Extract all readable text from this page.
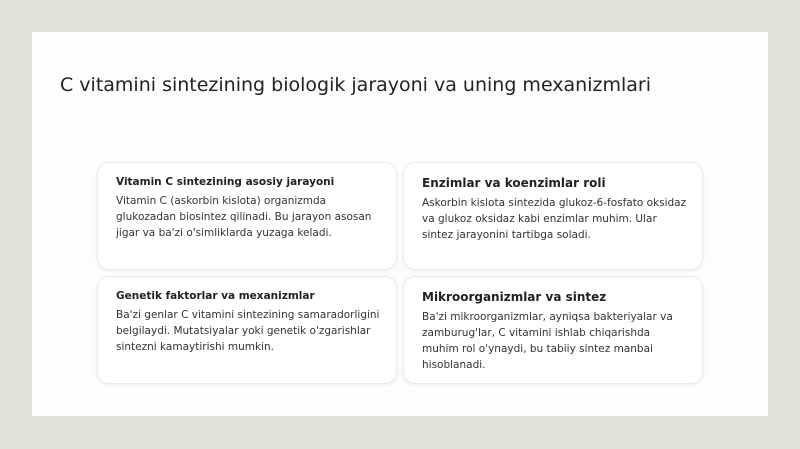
C vitamini sintezining biologik jarayoni va uning mexanizmlari
Vitamin C sintezining asosiy jarayoni

Vitamin C (askorbin kislota) organizmda glukozadan biosintez qilinadi. Bu jarayon asosan jigar va ba'zi o'simliklarda yuzaga keladi.

Enzimlar va koenzimlar roli

Askorbin kislota sintezida glukoz-6-fosfato oksidaz va glukoz oksidaz kabi enzimlar muhim. Ular sintez jarayonini tartibga soladi.

Genetik faktorlar va mexanizmlar

Ba'zi genlar C vitamini sintezining samaradorligini belgilaydi. Mutatsiyalar yoki genetik o'zgarishlar sintezni kamaytirishi mumkin.

Mikroorganizmlar va sintez

Ba'zi mikroorganizmlar, ayniqsa bakteriyalar va zamburug'lar, C vitamini ishlab chiqarishda muhim rol o'ynaydi, bu tabiiy sintez manbai hisoblanadi.
